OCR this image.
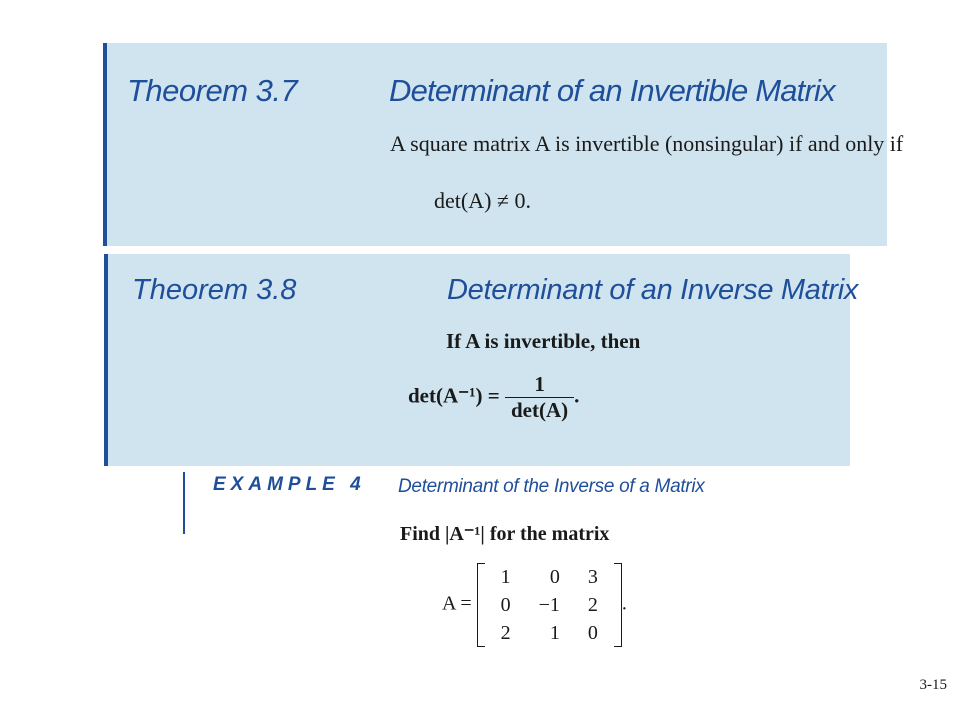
Theorem 3.7	Determinant of an Invertible Matrix
A square matrix A is invertible (nonsingular) if and only if
det(A) ≠ 0.
Theorem 3.8	Determinant of an Inverse Matrix
If A is invertible, then
$\det(A^{-1}) = \frac{1}{\det(A)}$ .
EXAMPLE 4 Determinant of the Inverse of a Matrix
Find |A⁻¹| for the matrix
A =
1	0	3
0	−1	2
2	1	0
.
3-15
